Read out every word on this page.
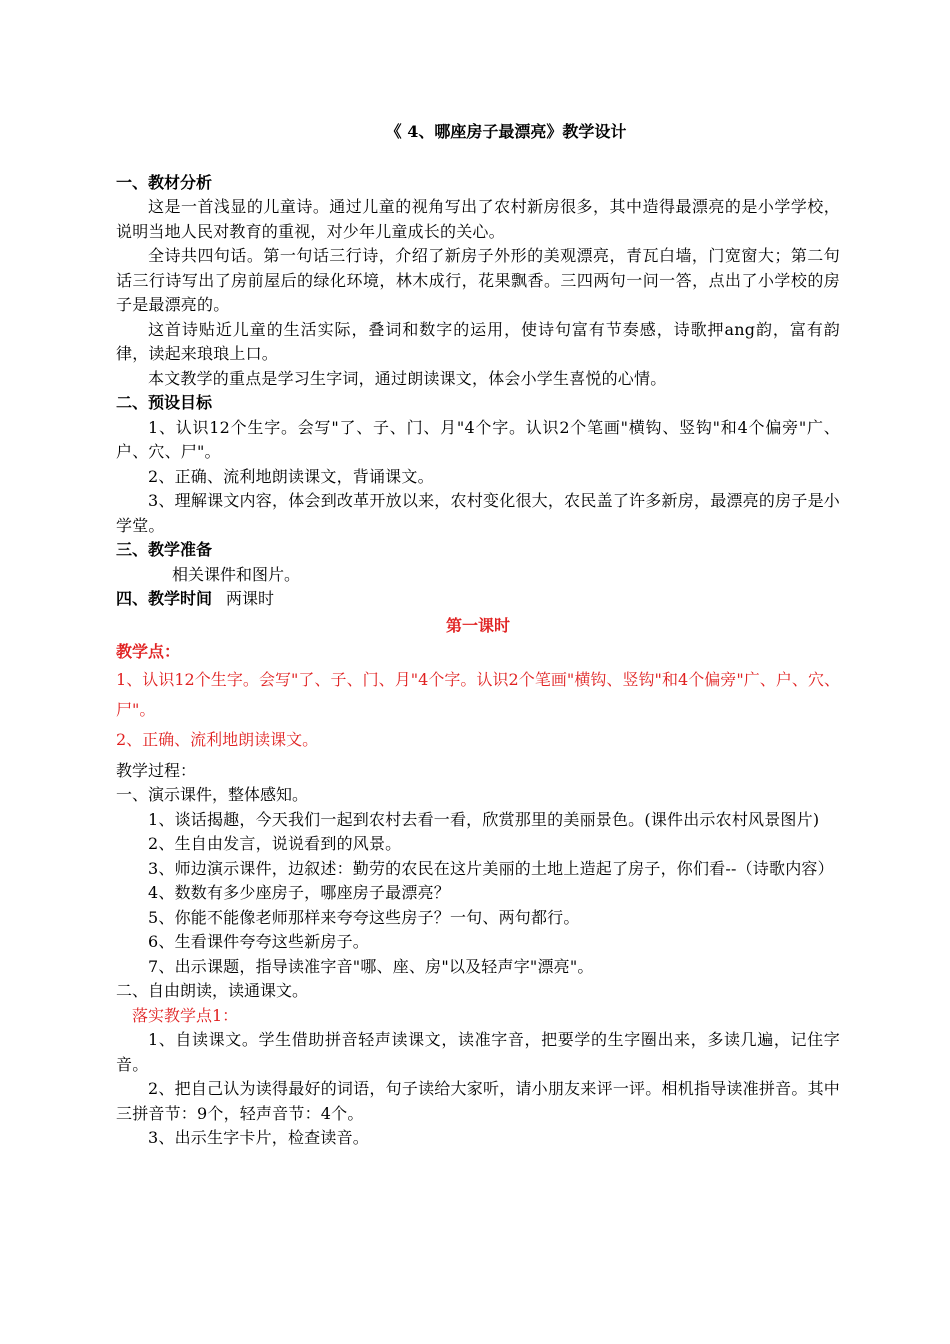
《 4、哪座房子最漂亮》教学设计
一、教材分析
这是一首浅显的儿童诗。通过儿童的视角写出了农村新房很多，其中造得最漂亮的是小学学校，说明当地人民对教育的重视，对少年儿童成长的关心。
全诗共四句话。第一句话三行诗，介绍了新房子外形的美观漂亮，青瓦白墙，门宽窗大；第二句话三行诗写出了房前屋后的绿化环境，林木成行，花果飘香。三四两句一问一答，点出了小学校的房子是最漂亮的。
这首诗贴近儿童的生活实际，叠词和数字的运用，使诗句富有节奏感，诗歌押ang韵，富有韵律，读起来琅琅上口。
本文教学的重点是学习生字词，通过朗读课文，体会小学生喜悦的心情。
二、预设目标
1、认识12个生字。会写"了、子、门、月"4个字。认识2个笔画"横钩、竖钩"和4个偏旁"广、户、穴、尸"。
2、正确、流利地朗读课文，背诵课文。
3、理解课文内容，体会到改革开放以来，农村变化很大，农民盖了许多新房，最漂亮的房子是小学堂。
三、教学准备
相关课件和图片。
四、教学时间 两课时
第一课时
教学点：
1、认识12个生字。会写"了、子、门、月"4个字。认识2个笔画"横钩、竖钩"和4个偏旁"广、户、穴、尸"。
2、正确、流利地朗读课文。
教学过程：
一、演示课件，整体感知。
1、谈话揭趣，今天我们一起到农村去看一看，欣赏那里的美丽景色。(课件出示农村风景图片)
2、生自由发言，说说看到的风景。
3、师边演示课件，边叙述：勤劳的农民在这片美丽的土地上造起了房子，你们看--（诗歌内容）
4、数数有多少座房子，哪座房子最漂亮？
5、你能不能像老师那样来夸夸这些房子？一句、两句都行。
6、生看课件夸夸这些新房子。
7、出示课题，指导读准字音"哪、座、房"以及轻声字"漂亮"。
二、自由朗读，读通课文。
落实教学点1：
1、自读课文。学生借助拼音轻声读课文，读准字音，把要学的生字圈出来，多读几遍，记住字音。
2、把自己认为读得最好的词语，句子读给大家听，请小朋友来评一评。相机指导读准拼音。其中三拼音节：9个，轻声音节：4个。
3、出示生字卡片，检查读音。
